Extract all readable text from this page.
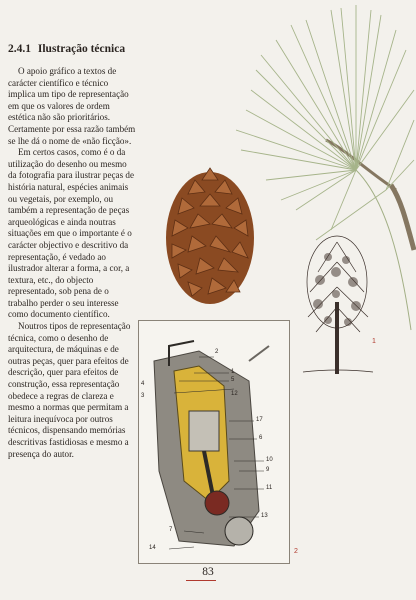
2.4.1 Ilustração técnica

O apoio gráfico a textos de carácter científico e técnico implica um tipo de representação em que os valores de ordem estética não são prioritários. Certamente por essa razão também se lhe dá o nome de «não ficção».

Em certos casos, como é o da utilização do desenho ou mesmo da fotografia para ilustrar peças de história natural, espécies animais ou vegetais, por exemplo, ou também a representação de peças arqueológicas e ainda noutras situações em que o importante é o carácter objectivo e descritivo da representação, é vedado ao ilustrador alterar a forma, a cor, a textura, etc., do objecto representado, sob pena de o trabalho perder o seu interesse como documento científico.

Noutros tipos de representação técnica, como o desenho de arquitectura, de máquinas e de outras peças, quer para efeitos de descrição, quer para efeitos de construção, essa representação obedece a regras de clareza e mesmo a normas que permitam a leitura inequívoca por outros técnicos, dispensando memórias descritivas fastidiosas e mesmo a presença do autor.

1
2
1
5
4
3	12
17
6
10
9
11
13
14
7
2
83
